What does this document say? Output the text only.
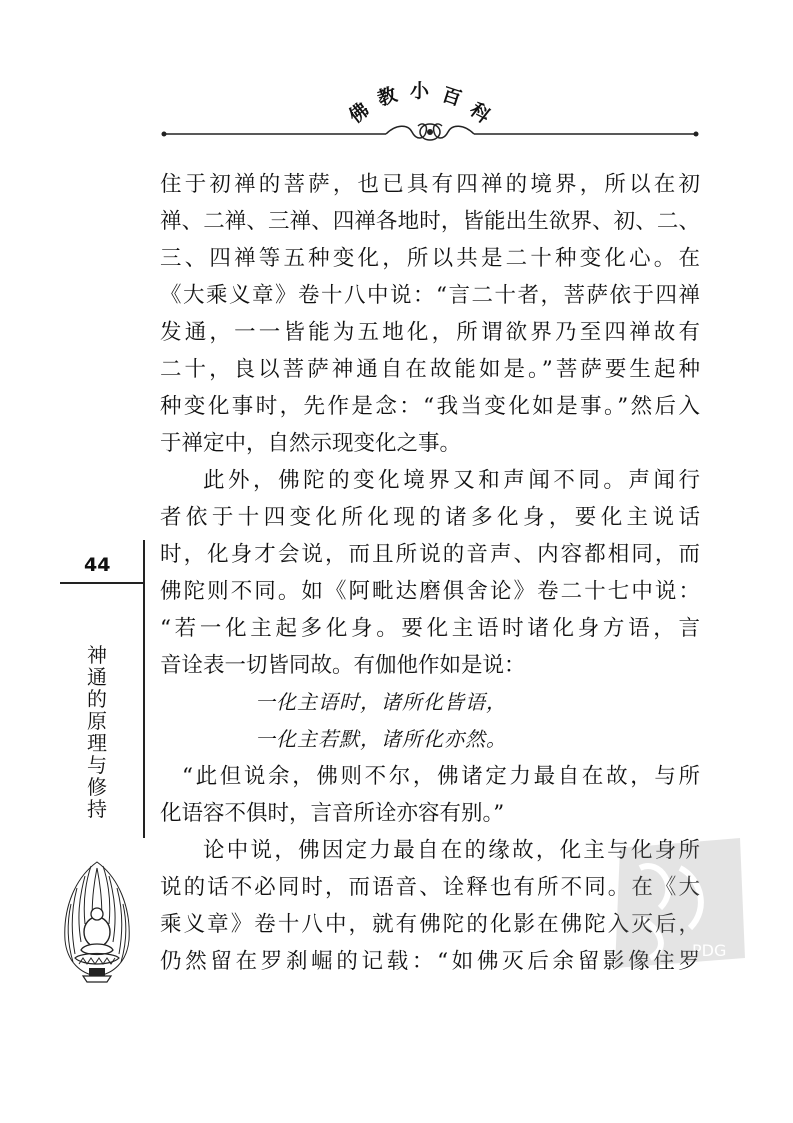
佛
教 小 百
科
住于初禅的菩萨，也已具有四禅的境界，所以在初
禅、二禅、三禅、四禅各地时，皆能出生欲界、初、二、
三、四禅等五种变化，所以共是二十种变化心。在
《大乘义章》卷十八中说：“言二十者，菩萨依于四禅
发通，一一皆能为五地化，所谓欲界乃至四禅故有
二十，良以菩萨神通自在故能如是。”菩萨要生起种
种变化事时，先作是念：“我当变化如是事。”然后入
于禅定中，自然示现变化之事。
此外，佛陀的变化境界又和声闻不同。声闻行
者依于十四变化所化现的诸多化身，要化主说话
时，化身才会说，而且所说的音声、内容都相同，而
佛陀则不同。如《阿毗达磨俱舍论》卷二十七中说：
“若一化主起多化身。要化主语时诸化身方语，言
音诠表一切皆同故。有伽他作如是说：
一化主语时，诸所化皆语，
一化主若默，诸所化亦然。
“此但说余，佛则不尔，佛诸定力最自在故，与所
化语容不俱时，言音所诠亦容有别。”
论中说，佛因定力最自在的缘故，化主与化身所
说的话不必同时，而语音、诠释也有所不同。在《大
乘义章》卷十八中，就有佛陀的化影在佛陀入灭后，
仍然留在罗刹崛的记载：“如佛灭后余留影像住罗
44
神
通
的
原
理
与
修
持
PDG
